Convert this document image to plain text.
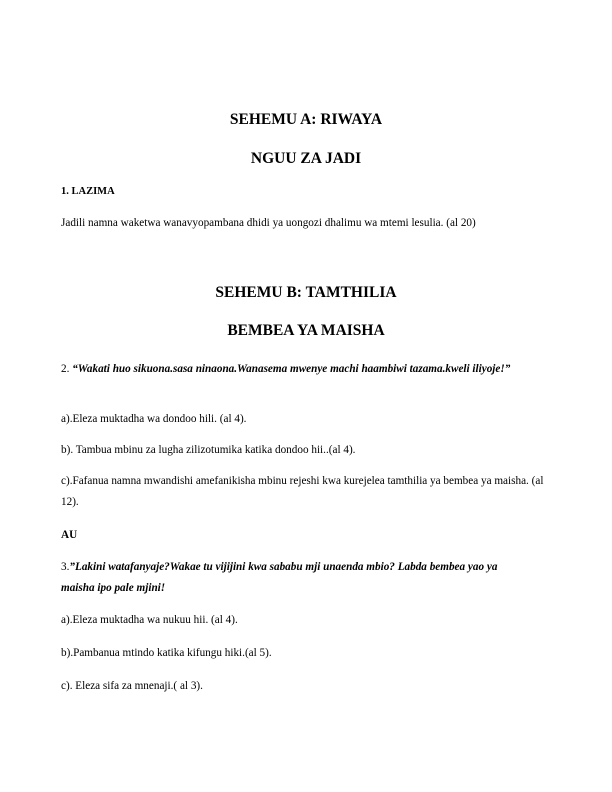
SEHEMU A: RIWAYA
NGUU ZA JADI

1. LAZIMA

Jadili namna waketwa wanavyopambana dhidi ya uongozi dhalimu wa mtemi lesulia. (al 20)

SEHEMU B: TAMTHILIA
BEMBEA YA MAISHA

2. “Wakati huo sikuona.sasa ninaona.Wanasema mwenye machi haambiwi tazama.kweli iliyoje!”

a).Eleza muktadha wa dondoo hili. (al 4).

b). Tambua mbinu za lugha zilizotumika katika dondoo hii..(al 4).

c).Fafanua namna mwandishi amefanikisha mbinu rejeshi kwa kurejelea tamthilia ya bembea ya maisha. (al 12).

AU

3.”Lakini watafanyaje?Wakae tu vijijini kwa sababu mji unaenda mbio? Labda bembea yao ya maisha ipo pale mjini!

a).Eleza muktadha wa nukuu hii. (al 4).

b).Pambanua mtindo katika kifungu hiki.(al 5).

c). Eleza sifa za mnenaji.( al 3).
